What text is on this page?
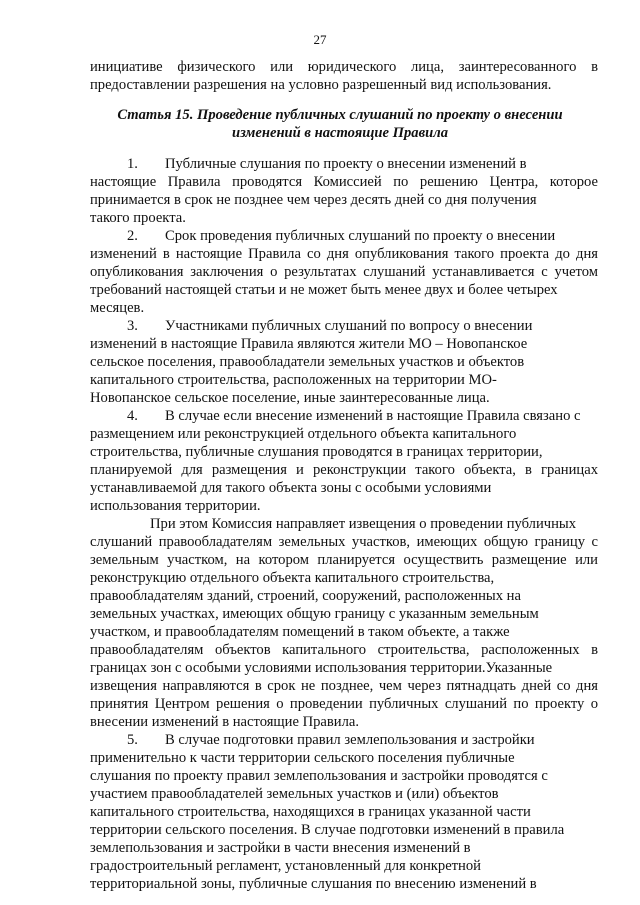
27
инициативе физического или юридического лица, заинтересованного в
предоставлении разрешения на условно разрешенный вид использования.
Статья 15. Проведение публичных слушаний по проекту о внесении
изменений в настоящие Правила
1. Публичные слушания по проекту о внесении изменений в
настоящие Правила проводятся Комиссией по решению Центра, которое
принимается в срок не позднее чем через десять дней со дня получения
такого проекта.
2. Срок проведения публичных слушаний по проекту о внесении
изменений в настоящие Правила со дня опубликования такого проекта до дня
опубликования заключения о результатах слушаний устанавливается с учетом
требований настоящей статьи и не может быть менее двух и более четырех
месяцев.
3. Участниками публичных слушаний по вопросу о внесении
изменений в настоящие Правила являются жители МО – Новопанское
сельское поселения, правообладатели земельных участков и объектов
капитального строительства, расположенных на территории МО-
Новопанское сельское поселение, иные заинтересованные лица.
4. В случае если внесение изменений в настоящие Правила связано с
размещением или реконструкцией отдельного объекта капитального
строительства, публичные слушания проводятся в границах территории,
планируемой для размещения и реконструкции такого объекта, в границах
устанавливаемой для такого объекта зоны с особыми условиями
использования территории.
При этом Комиссия направляет извещения о проведении публичных
слушаний правообладателям земельных участков, имеющих общую границу с
земельным участком, на котором планируется осуществить размещение или
реконструкцию отдельного объекта капитального строительства,
правообладателям зданий, строений, сооружений, расположенных на
земельных участках, имеющих общую границу с указанным земельным
участком, и правообладателям помещений в таком объекте, а также
правообладателям объектов капитального строительства, расположенных в
границах зон с особыми условиями использования территории.Указанные
извещения направляются в срок не позднее, чем через пятнадцать дней со дня
принятия Центром решения о проведении публичных слушаний по проекту о
внесении изменений в настоящие Правила.
5. В случае подготовки правил землепользования и застройки
применительно к части территории сельского поселения публичные
слушания по проекту правил землепользования и застройки проводятся с
участием правообладателей земельных участков и (или) объектов
капитального строительства, находящихся в границах указанной части
территории сельского поселения. В случае подготовки изменений в правила
землепользования и застройки в части внесения изменений в
градостроительный регламент, установленный для конкретной
территориальной зоны, публичные слушания по внесению изменений в
